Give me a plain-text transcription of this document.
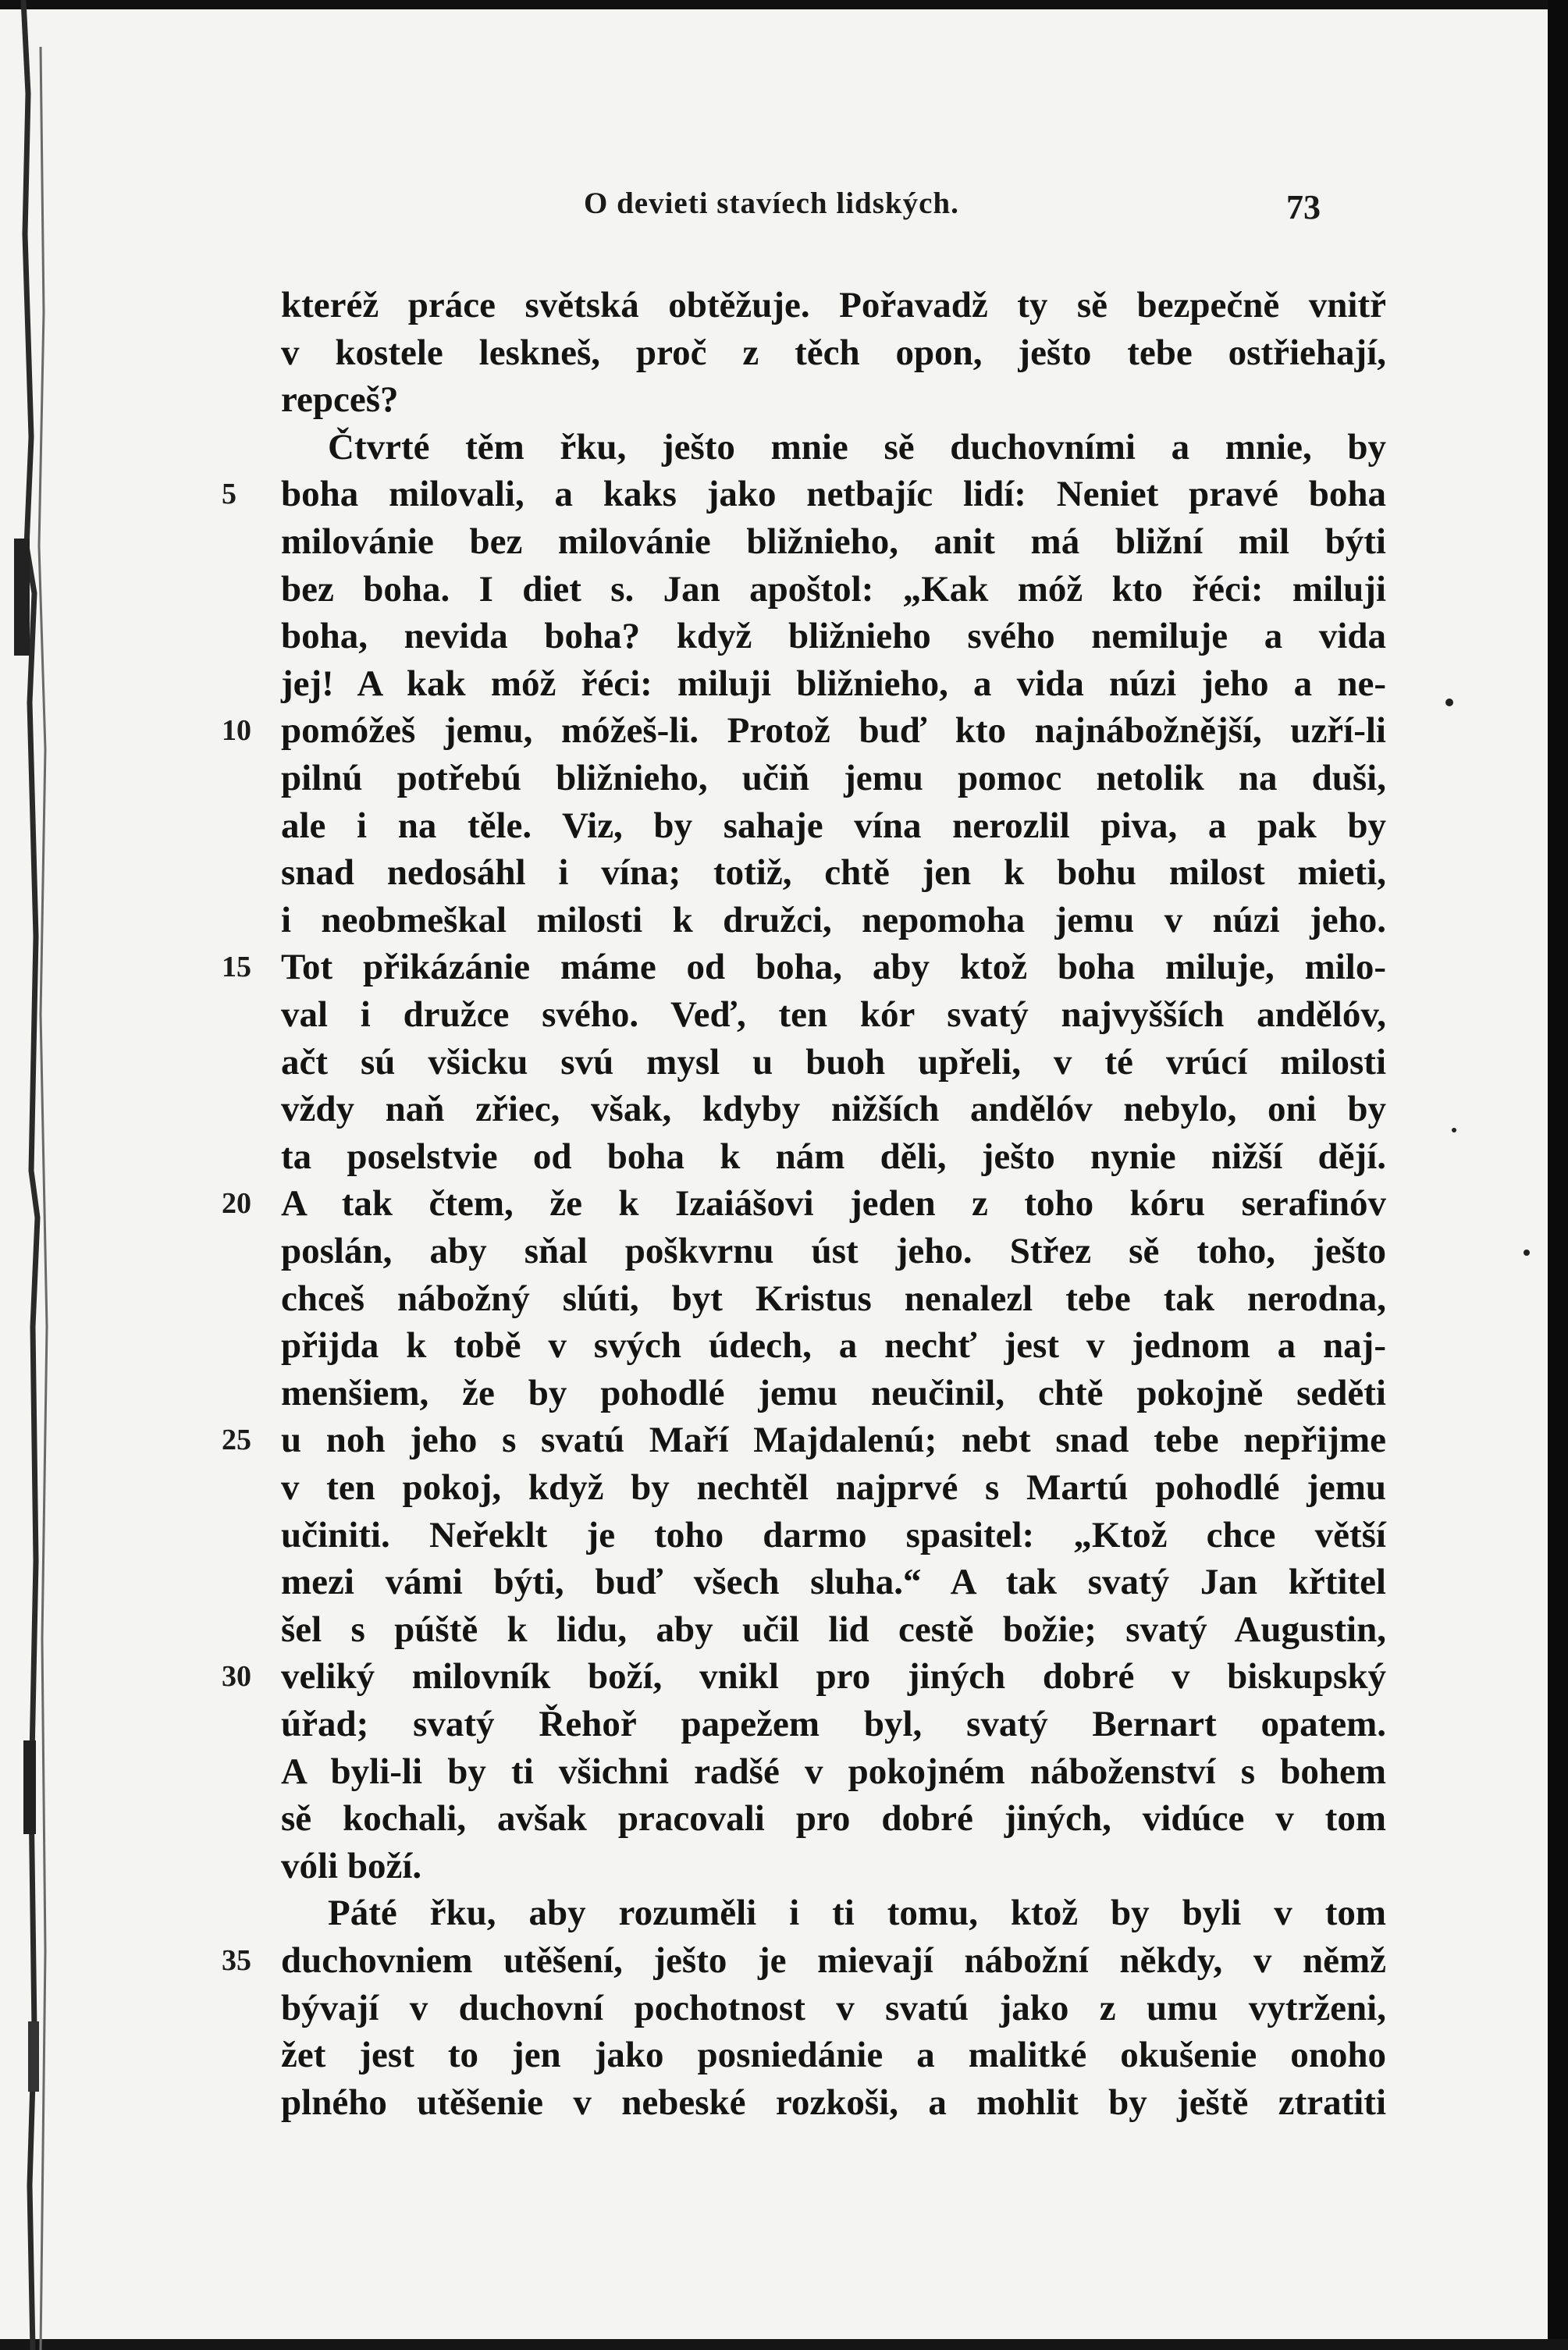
O devieti stavíech lidských.	73
kteréž práce světská obtěžuje. Pořavadž ty sě bezpečně vnitř
v kostele leskneš, proč z těch opon, ješto tebe ostřiehají,
repceš?
Čtvrté těm řku, ješto mnie sě duchovními a mnie, by
boha milovali, a kaks jako netbajíc lidí: Neniet pravé boha
5
milovánie bez milovánie bližnieho, anit má bližní mil býti
bez boha. I diet s. Jan apoštol: „Kak móž kto řéci: miluji
boha, nevida boha? když bližnieho svého nemiluje a vida
jej! A kak móž řéci: miluji bližnieho, a vida núzi jeho a ne-
pomóžeš jemu, móžeš-li. Protož buď kto najnábožnější, uzří-li
10
pilnú potřebú bližnieho, učiň jemu pomoc netolik na duši,
ale i na těle. Viz, by sahaje vína nerozlil piva, a pak by
snad nedosáhl i vína; totiž, chtě jen k bohu milost mieti,
i neobmeškal milosti k družci, nepomoha jemu v núzi jeho.
Tot přikázánie máme od boha, aby ktož boha miluje, milo-
15
val i družce svého. Veď, ten kór svatý najvyšších andělóv,
ačt sú všicku svú mysl u buoh upřeli, v té vrúcí milosti
vždy naň zřiec, však, kdyby nižších andělóv nebylo, oni by
ta poselstvie od boha k nám děli, ješto nynie nižší dějí.
A tak čtem, že k Izaiášovi jeden z toho kóru serafinóv
20
poslán, aby sňal poškvrnu úst jeho. Střez sě toho, ješto
chceš nábožný slúti, byt Kristus nenalezl tebe tak nerodna,
přijda k tobě v svých údech, a nechť jest v jednom a naj-
menšiem, že by pohodlé jemu neučinil, chtě pokojně seděti
u noh jeho s svatú Maří Majdalenú; nebt snad tebe nepřijme
25
v ten pokoj, když by nechtěl najprvé s Martú pohodlé jemu
učiniti. Neřeklt je toho darmo spasitel: „Ktož chce větší
mezi vámi býti, buď všech sluha.“ A tak svatý Jan křtitel
šel s púště k lidu, aby učil lid cestě božie; svatý Augustin,
veliký milovník boží, vnikl pro jiných dobré v biskupský
30
úřad; svatý Řehoř papežem byl, svatý Bernart opatem.
A byli-li by ti všichni radšé v pokojném náboženství s bohem
sě kochali, avšak pracovali pro dobré jiných, vidúce v tom
vóli boží.
Páté řku, aby rozuměli i ti tomu, ktož by byli v tom
duchovniem utěšení, ješto je mievají nábožní někdy, v němž
35
bývají v duchovní pochotnost v svatú jako z umu vytrženi,
žet jest to jen jako posniedánie a malitké okušenie onoho
plného utěšenie v nebeské rozkoši, a mohlit by ještě ztratiti
